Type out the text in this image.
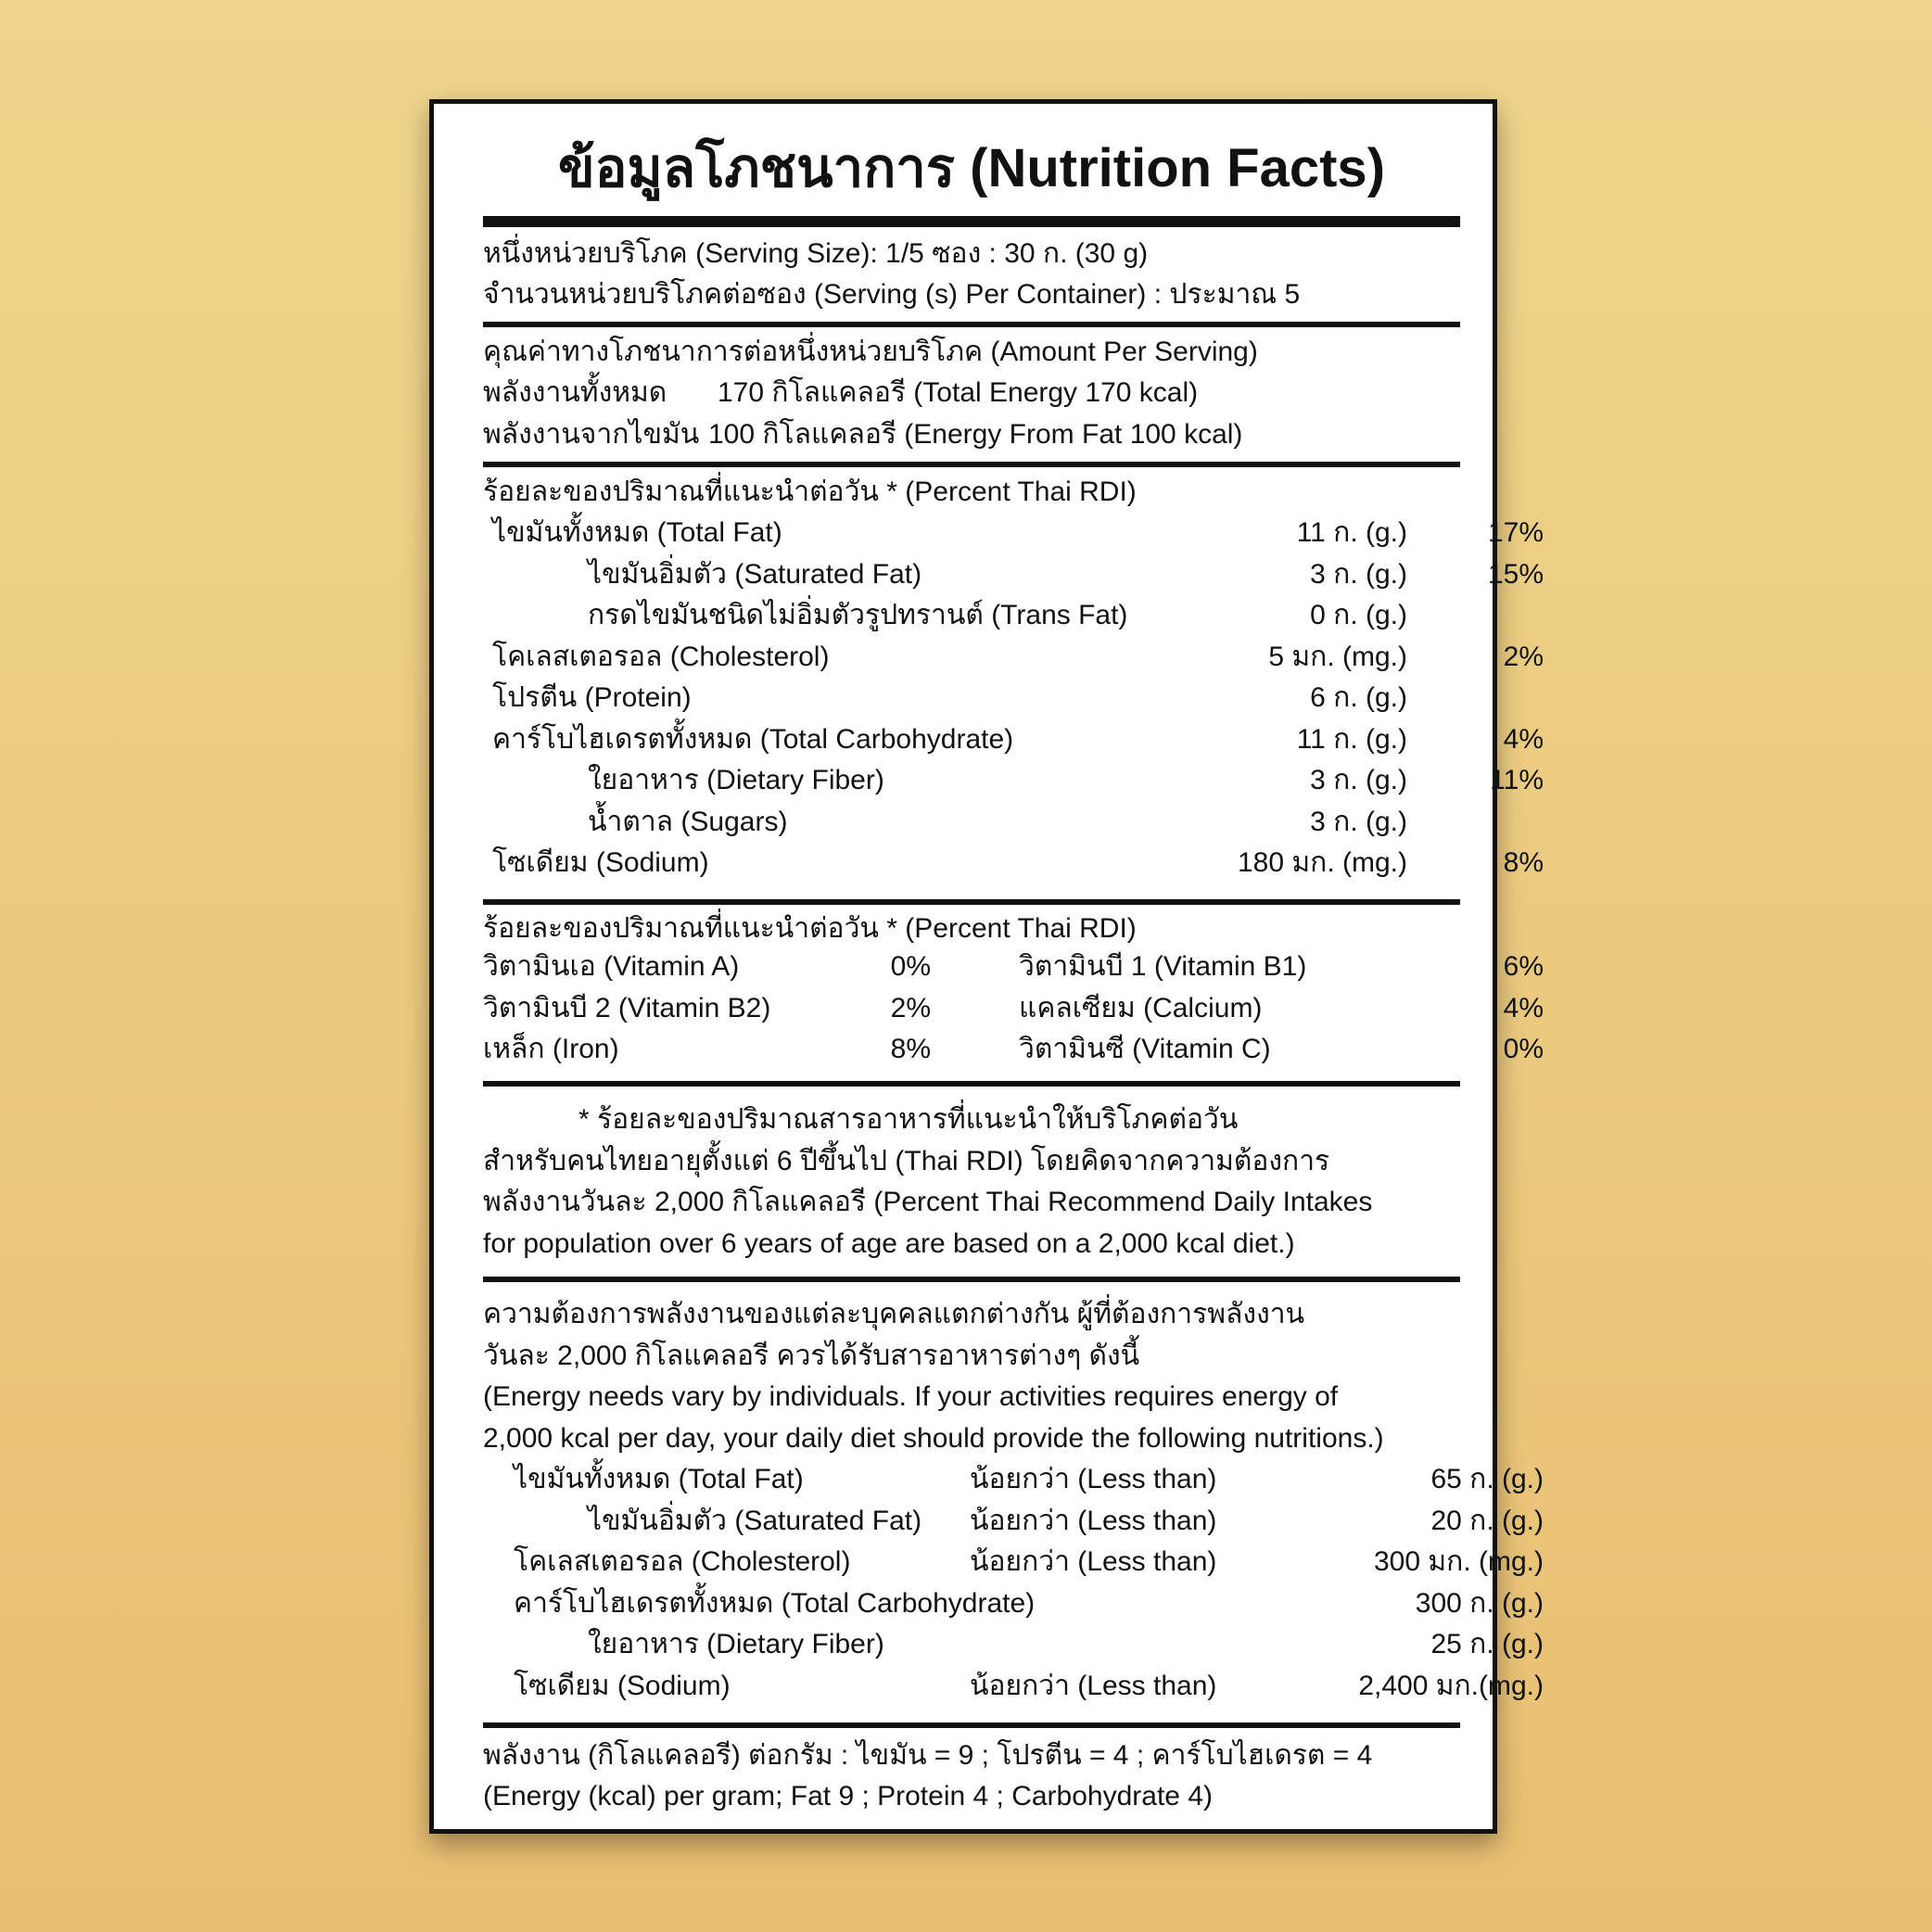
ข้อมูลโภชนาการ (Nutrition Facts)
หนึ่งหน่วยบริโภค (Serving Size): 1/5 ซอง : 30 ก. (30 g)
จำนวนหน่วยบริโภคต่อซอง (Serving (s) Per Container) : ประมาณ 5
คุณค่าทางโภชนาการต่อหนึ่งหน่วยบริโภค (Amount Per Serving)
พลังงานทั้งหมด 170 กิโลแคลอรี (Total Energy 170 kcal)
พลังงานจากไขมัน 100 กิโลแคลอรี (Energy From Fat 100 kcal)
ร้อยละของปริมาณที่แนะนำต่อวัน * (Percent Thai RDI)
ไขมันทั้งหมด (Total Fat)	11 ก. (g.)	17%
ไขมันอิ่มตัว (Saturated Fat)	3 ก. (g.)	15%
กรดไขมันชนิดไม่อิ่มตัวรูปทรานต์ (Trans Fat)	0 ก. (g.)
โคเลสเตอรอล (Cholesterol)	5 มก. (mg.)	2%
โปรตีน (Protein)	6 ก. (g.)
คาร์โบไฮเดรตทั้งหมด (Total Carbohydrate)	11 ก. (g.)	4%
ใยอาหาร (Dietary Fiber)	3 ก. (g.)	11%
น้ำตาล (Sugars)	3 ก. (g.)
โซเดียม (Sodium)	180 มก. (mg.)	8%
ร้อยละของปริมาณที่แนะนำต่อวัน * (Percent Thai RDI)
วิตามินเอ (Vitamin A)	0%	วิตามินบี 1 (Vitamin B1)	6%
วิตามินบี 2 (Vitamin B2)	2%	แคลเซียม (Calcium)	4%
เหล็ก (Iron)	8%	วิตามินซี (Vitamin C)	0%
* ร้อยละของปริมาณสารอาหารที่แนะนำให้บริโภคต่อวัน
สำหรับคนไทยอายุตั้งแต่ 6 ปีขึ้นไป (Thai RDI) โดยคิดจากความต้องการ
พลังงานวันละ 2,000 กิโลแคลอรี (Percent Thai Recommend Daily Intakes
for population over 6 years of age are based on a 2,000 kcal diet.)
ความต้องการพลังงานของแต่ละบุคคลแตกต่างกัน ผู้ที่ต้องการพลังงาน
วันละ 2,000 กิโลแคลอรี ควรได้รับสารอาหารต่างๆ ดังนี้
(Energy needs vary by individuals. If your activities requires energy of
2,000 kcal per day, your daily diet should provide the following nutritions.)
ไขมันทั้งหมด (Total Fat)	น้อยกว่า (Less than)	65 ก. (g.)
ไขมันอิ่มตัว (Saturated Fat) น้อยกว่า (Less than)	20 ก. (g.)
โคเลสเตอรอล (Cholesterol)	น้อยกว่า (Less than)	300 มก. (mg.)
คาร์โบไฮเดรตทั้งหมด (Total Carbohydrate)	300 ก. (g.)
ใยอาหาร (Dietary Fiber)	25 ก. (g.)
โซเดียม (Sodium)	น้อยกว่า (Less than)	2,400 มก.(mg.)
พลังงาน (กิโลแคลอรี) ต่อกรัม : ไขมัน = 9 ; โปรตีน = 4 ; คาร์โบไฮเดรต = 4
(Energy (kcal) per gram; Fat 9 ; Protein 4 ; Carbohydrate 4)
